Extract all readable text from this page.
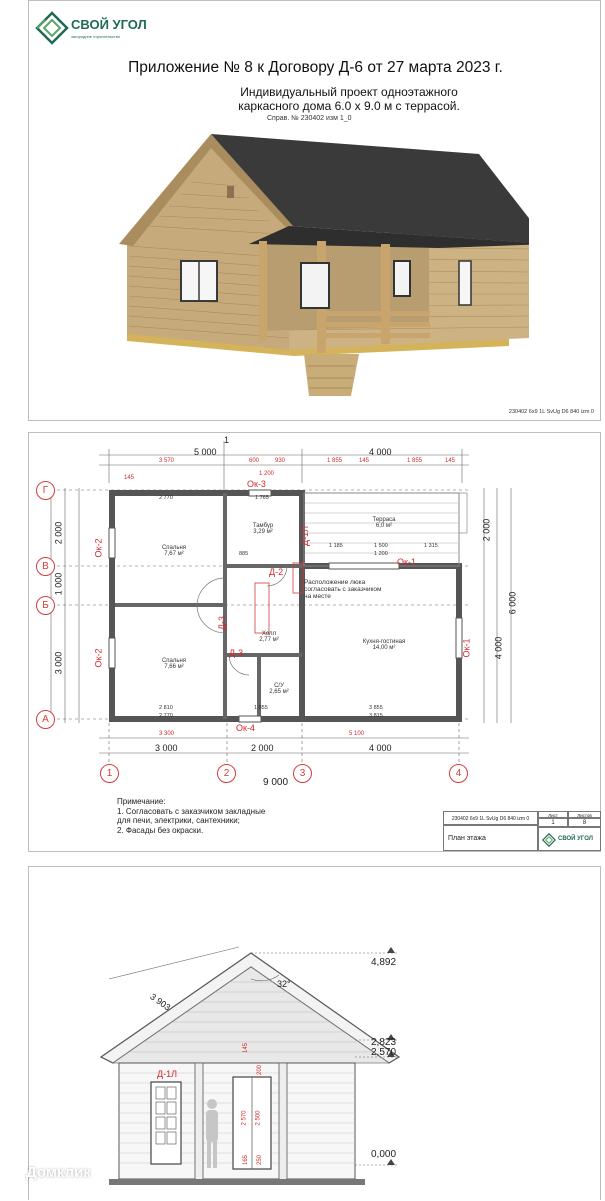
СВОЙ УГОЛ
загородное строительство
Приложение № 8 к Договору Д-6 от 27 марта 2023 г.
Индивидуальный проект одноэтажного
каркасного дома 6.0 х 9.0 м с террасой.
Справ. № 230402 изм 1_0
230402 6x9 1L SvUg D6 840 izm 0
Г
В
Б
А
1	2	3	4
1
5 000	4 000
3 570	600	930	1 855	145	1 855	145
145
1 200
Ок-3
2 000
1 000
3 000
2 000
4 000
6 000
Ок-2
Ок-2
Ок-1
Ок-1
Ок-4
Д-2
Д-3
Д-3
Д-1Л
Спальня
7,67 м²
Тамбур
3,29 м²
Терраса
6,0 м²
Спальня
7,66 м²
Холл
2,77 м²
С/У
2,65 м²
Кухня-гостиная
14,00 м²
Расположение люка
согласовать с заказчиком
на месте
2 770	1 765
2 770
2 810	1 855	3 855
1 185	1 500	1 315
1 200
885
3 815
3 000	2 000	4 000
3 300	5 100
9 000
Примечание:
1. Согласовать с заказчиком закладные
для печи, электрики, сантехники;
2. Фасады без окраски.
230402 6x9 1L SvUg D6 840 izm 0
Лист	Листов
1	8
План этажа	СВОЙ УГОЛ
32°
3 903
4,892
2,823
2,570
0,000
Д-1Л
145
200
2 570 2 500
165 250
Домклик
